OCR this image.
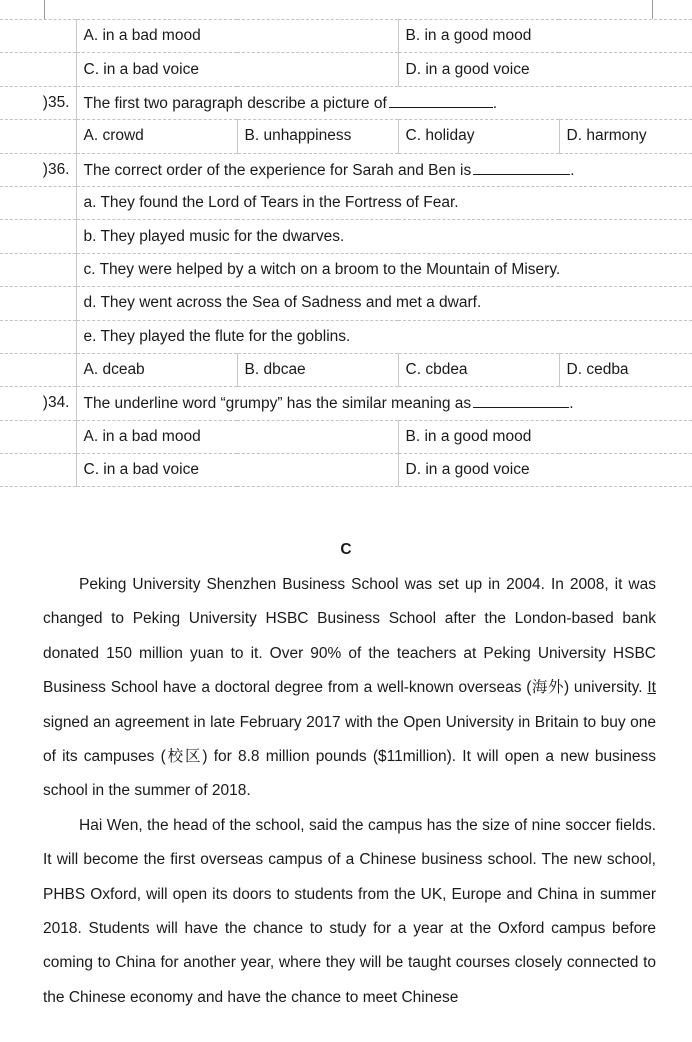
	A. in a bad mood		B. in a good mood	
	C. in a bad voice		D. in a good voice	
)35.	The first two paragraph describe a picture of .			
	A. crowd	B. unhappiness	C. holiday	D. harmony
)36.	The correct order of the experience for Sarah and Ben is .			
	a. They found the Lord of Tears in the Fortress of Fear.			
	b. They played music for the dwarves.			
	c. They were helped by a witch on a broom to the Mountain of Misery.			
	d. They went across the Sea of Sadness and met a dwarf.			
	e. They played the flute for the goblins.			
	A. dceab	B. dbcae	C. cbdea	D. cedba
)34.	The underline word “grumpy” has the similar meaning as .			
	A. in a bad mood		B. in a good mood	
	C. in a bad voice		D. in a good voice	
C

Peking University Shenzhen Business School was set up in 2004. In 2008, it was changed to Peking University HSBC Business School after the London-based bank donated 150 million yuan to it. Over 90% of the teachers at Peking University HSBC Business School have a doctoral degree from a well-known overseas (海外) university. It signed an agreement in late February 2017 with the Open University in Britain to buy one of its campuses (校区) for 8.8 million pounds ($11million). It will open a new business school in the summer of 2018.

Hai Wen, the head of the school, said the campus has the size of nine soccer fields. It will become the first overseas campus of a Chinese business school. The new school, PHBS Oxford, will open its doors to students from the UK, Europe and China in summer 2018. Students will have the chance to study for a year at the Oxford campus before coming to China for another year, where they will be taught courses closely connected to the Chinese economy and have the chance to meet Chinese
